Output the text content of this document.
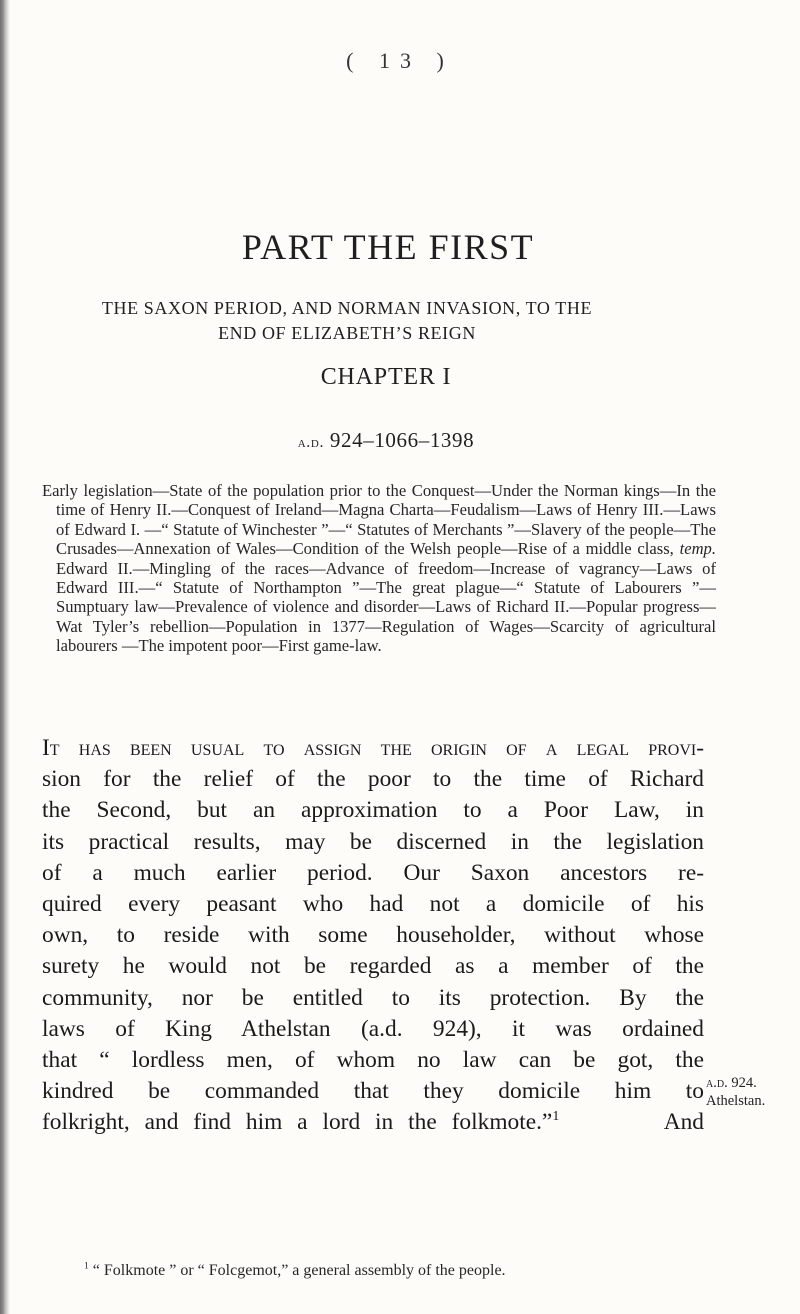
( 13 )
PART THE FIRST
THE SAXON PERIOD, AND NORMAN INVASION, TO THE
END OF ELIZABETH’S REIGN
CHAPTER I
a.d. 924–1066–1398
Early legislation—State of the population prior to the Conquest—Under the Norman kings—In the time of Henry II.—Conquest of Ireland—Magna Charta—Feudalism—Laws of Henry III.—Laws of Edward I. —“ Statute of Winchester ”—“ Statutes of Merchants ”—Slavery of the people—The Crusades—Annexation of Wales—Condition of the Welsh people—Rise of a middle class, temp. Edward II.—Mingling of the races—Advance of freedom—Increase of vagrancy—Laws of Edward III.—“ Statute of Northampton ”—The great plague—“ Statute of Labourers ”—Sumptuary law—Prevalence of violence and disorder—Laws of Richard II.—Popular progress—Wat Tyler’s rebellion—Population in 1377—Regulation of Wages—Scarcity of agricultural labourers —The impotent poor—First game-law.
It has been usual to assign the origin of a legal provi-
sion for the relief of the poor to the time of Richard
the Second, but an approximation to a Poor Law, in
its practical results, may be discerned in the legislation
of a much earlier period. Our Saxon ancestors re-
quired every peasant who had not a domicile of his
own, to reside with some householder, without whose
surety he would not be regarded as a member of the
community, nor be entitled to its protection. By the
laws of King Athelstan (a.d. 924), it was ordained
that “ lordless men, of whom no law can be got, the
kindred be commanded that they domicile him to
folkright, and find him a lord in the folkmote.”$^1$	And
a.d. 924.
Athelstan.
$^1$ “ Folkmote ” or “ Folcgemot,” a general assembly of the people.
